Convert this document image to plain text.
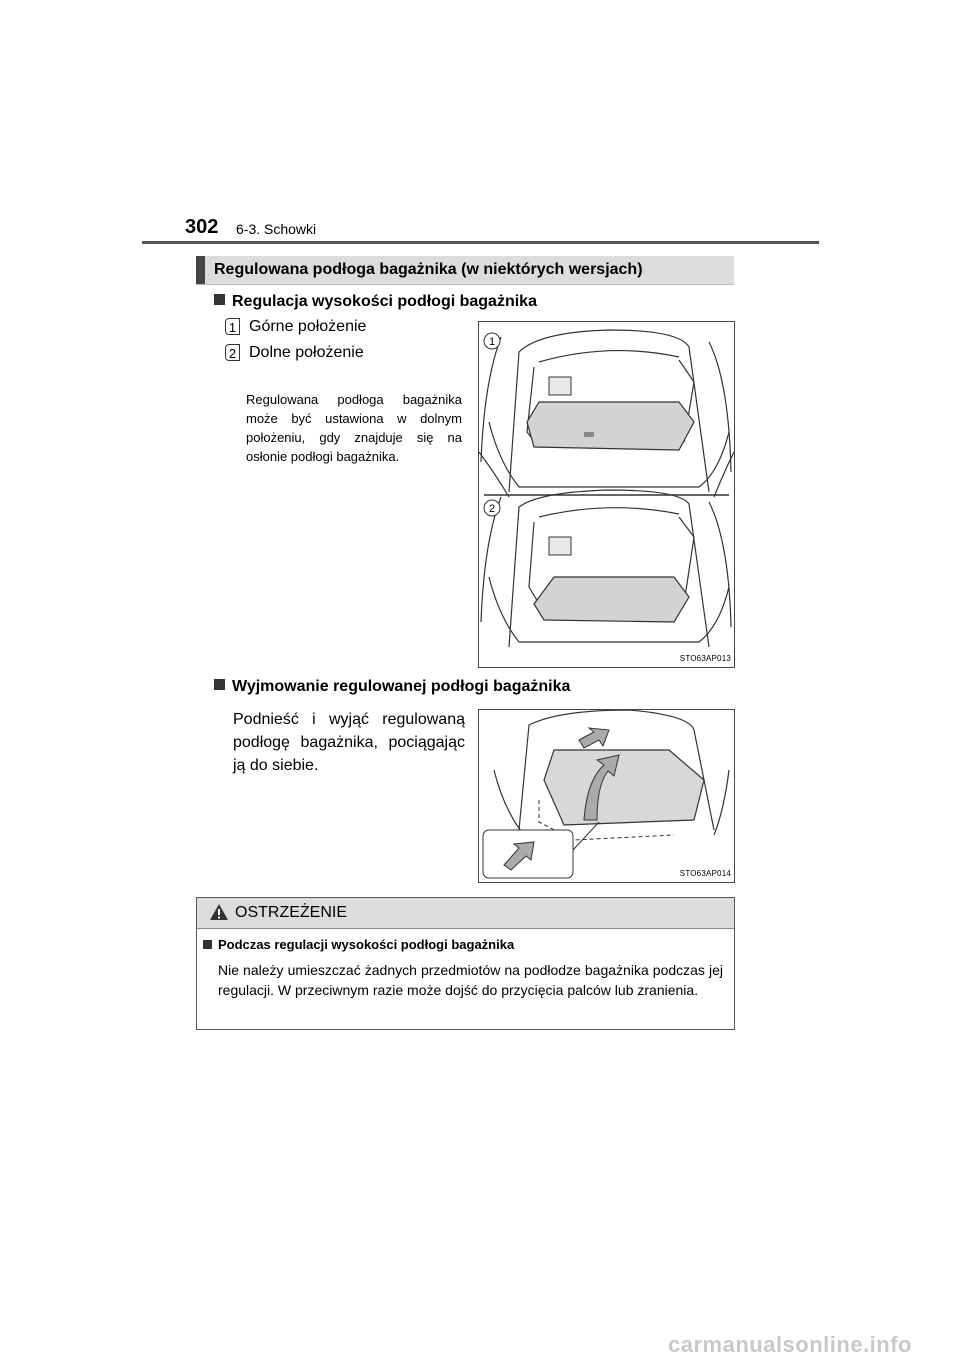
302 6-3. Schowki
Regulowana podłoga bagażnika (w niektórych wersjach)
Regulacja wysokości podłogi bagażnika
1 Górne położenie
2 Dolne położenie
Regulowana podłoga bagażnika może być ustawiona w dolnym położeniu, gdy znajduje się na osłonie podłogi bagażnika.
1
2
STO63AP013
Wyjmowanie regulowanej podłogi bagażnika
Podnieść i wyjąć regulowaną podłogę bagażnika, pociągając ją do siebie.
STO63AP014
OSTRZEŻENIE
Podczas regulacji wysokości podłogi bagażnika
Nie należy umieszczać żadnych przedmiotów na podłodze bagażnika podczas jej regulacji. W przeciwnym razie może dojść do przycięcia palców lub zranienia.
carmanualsonline.info
